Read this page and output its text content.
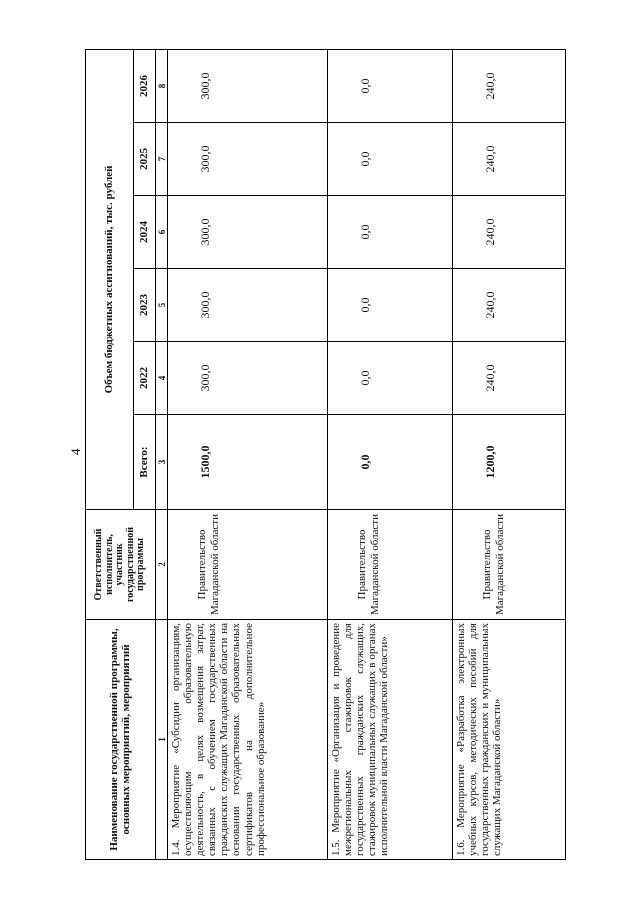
4
Наименование государственной программы, основных мероприятий, мероприятий	Ответственный исполнитель, участник государственной программы	Объем бюджетных ассигнований, тыс. рублей					
		Всего:	2022	2023	2024	2025	2026
1	2	3	4	5	6	7	8
1.4. Мероприятие «Субсидии организациям, осуществляющим образовательную деятельность, в целях возмещения затрат, связанных с обучением государственных гражданских служащих Магаданской области на основании государственных образовательных сертификатов на дополнительное профессиональное образование»	Правительство Магаданской области	1500,0	300,0	300,0	300,0	300,0	300,0
1.5. Мероприятие «Организация и проведение межрегиональных стажировок для государственных гражданских служащих, стажировок муниципальных служащих в органах исполнительной власти Магаданской области»	Правительство Магаданской области	0,0	0,0	0,0	0,0	0,0	0,0
1.6. Мероприятие «Разработка электронных учебных курсов, методических пособий для государственных гражданских и муниципальных служащих Магаданской области»	Правительство Магаданской области	1200,0	240,0	240,0	240,0	240,0	240,0
